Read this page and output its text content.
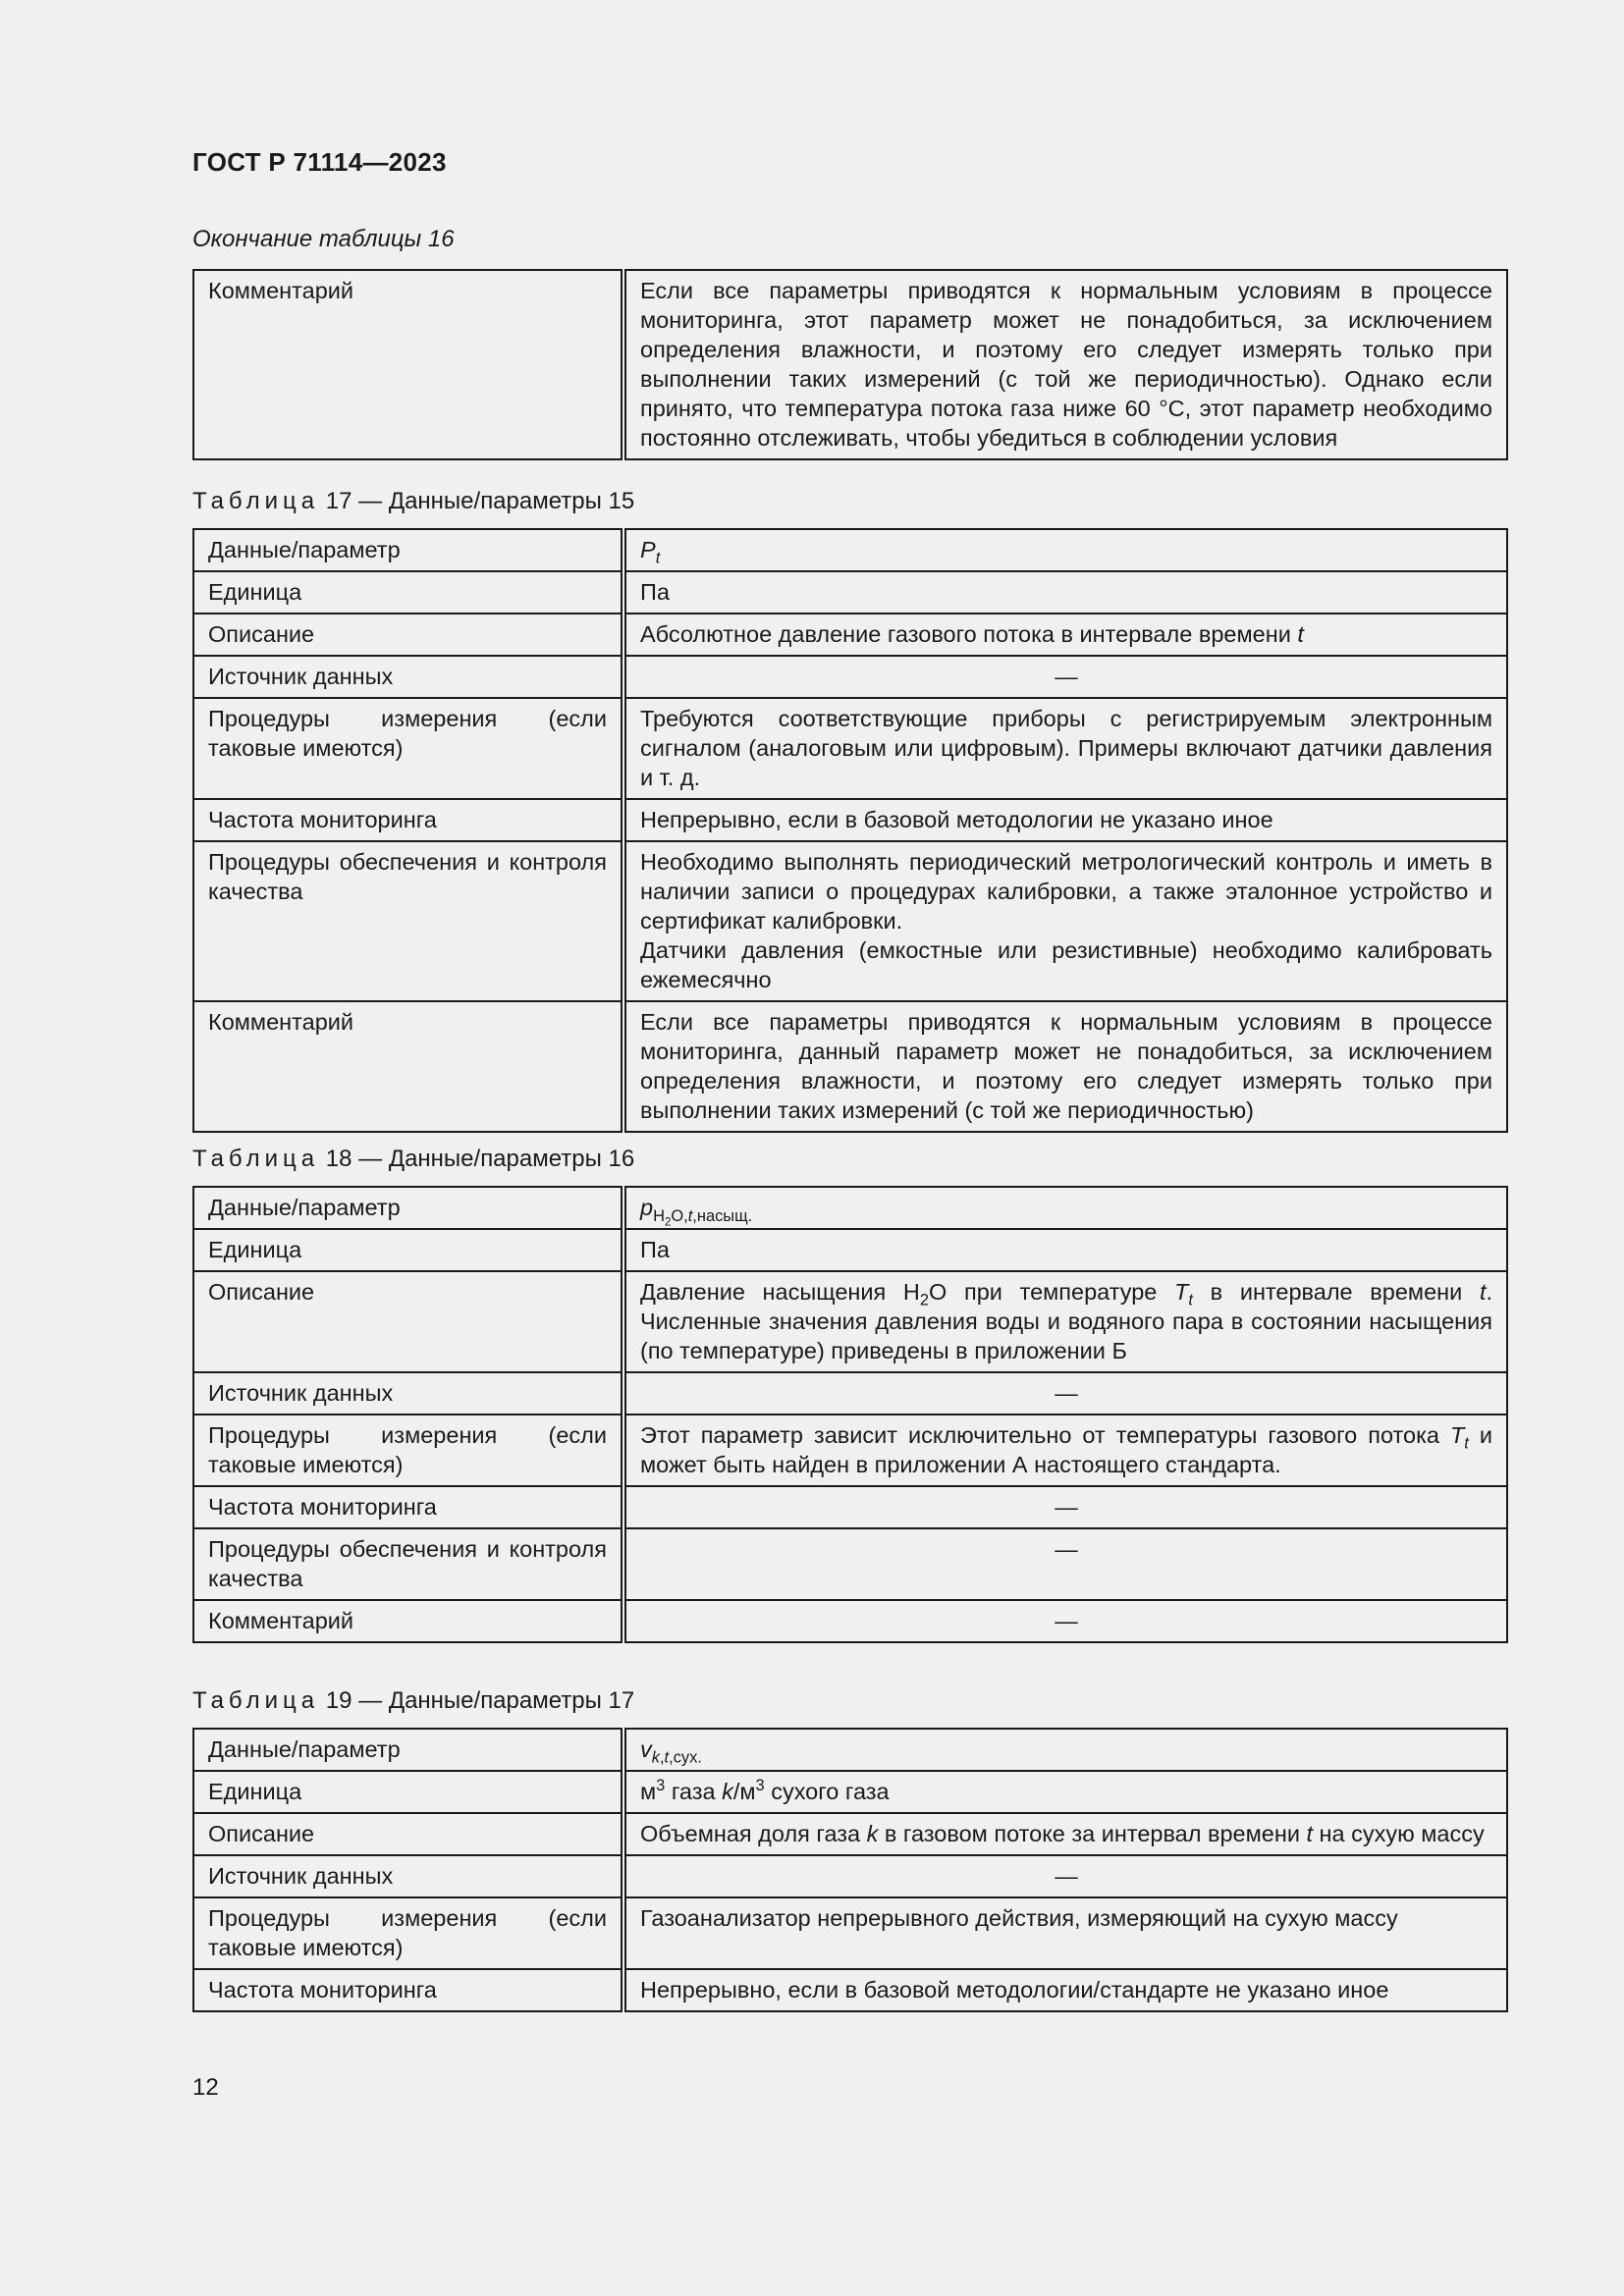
ГОСТ Р 71114—2023
Окончание таблицы 16
Комментарий	Если все параметры приводятся к нормальным условиям в процессе мониторинга, этот параметр может не понадобиться, за исключением определения влажности, и поэтому его следует измерять только при выполнении таких измерений (с той же периодичностью). Однако если принято, что температура потока газа ниже 60 °С, этот параметр необходимо постоянно отслеживать, чтобы убедиться в соблюдении условия
Таблица 17 — Данные/параметры 15
Данные/параметр	$P_t$
Единица	Па
Описание	Абсолютное давление газового потока в интервале времени t
Источник данных	—
Процедуры измерения (если таковые имеются)	Требуются соответствующие приборы с регистрируемым электронным сигналом (аналоговым или цифровым). Примеры включают датчики давления и т. д.
Частота мониторинга	Непрерывно, если в базовой методологии не указано иное
Процедуры обеспечения и контроля качества	Необходимо выполнять периодический метрологический контроль и иметь в наличии записи о процедурах калибровки, а также эталонное устройство и сертификат калибровки.
Датчики давления (емкостные или резистивные) необходимо калибровать ежемесячно

Комментарий	Если все параметры приводятся к нормальным условиям в процессе мониторинга, данный параметр может не понадобиться, за исключением определения влажности, и поэтому его следует измерять только при выполнении таких измерений (с той же периодичностью)
Таблица 18 — Данные/параметры 16
Данные/параметр	$p_{H_2O,t,насыщ.}$
Единица	Па
Описание	Давление насыщения $H_2O$ при температуре $T_t$ в интервале времени t. Численные значения давления воды и водяного пара в состоянии насыщения (по температуре) приведены в приложении Б
Источник данных	—
Процедуры измерения (если таковые имеются)	Этот параметр зависит исключительно от температуры газового потока $T_t$ и может быть найден в приложении А настоящего стандарта.
Частота мониторинга	—
Процедуры обеспечения и контроля качества	—
Комментарий	—
Таблица 19 — Данные/параметры 17
Данные/параметр	$v_{k,t,сух.}$
Единица	$м^3$ газа $k/м^3$ сухого газа
Описание	Объемная доля газа k в газовом потоке за интервал времени t на сухую массу
Источник данных	—
Процедуры измерения (если таковые имеются)	Газоанализатор непрерывного действия, измеряющий на сухую массу
Частота мониторинга	Непрерывно, если в базовой методологии/стандарте не указано иное
12
